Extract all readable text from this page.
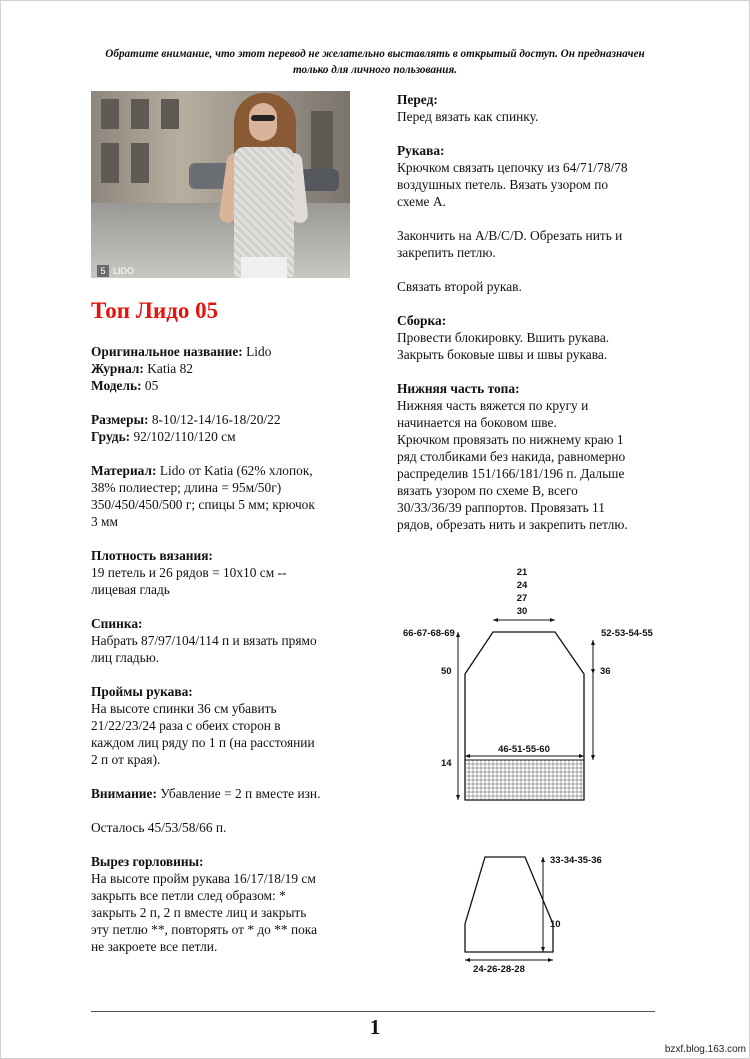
Обратите внимание, что этот перевод не желательно выставлять в открытый доступ. Он предназначен только для личного пользования.
5 LIDO
Топ Лидо 05

Оригинальное название: Lido

Журнал: Katia 82

Модель: 05

Размеры: 8-10/12-14/16-18/20/22

Грудь: 92/102/110/120 см

Материал: Lido от Katia (62% хлопок,

38% полиестер; длина = 95м/50г)

350/450/450/500 г; спицы 5 мм; крючок

3 мм

Плотность вязания:

19 петель и 26 рядов = 10х10 см --

лицевая гладь

Спинка:

Набрать 87/97/104/114 п и вязать прямо

лиц гладью.

Проймы рукава:

На высоте спинки 36 см убавить

21/22/23/24 раза с обеих сторон в

каждом лиц ряду по 1 п (на расстоянии

2 п от края).

Внимание: Убавление = 2 п вместе изн.

Осталось 45/53/58/66 п.

Вырез горловины:

На высоте пройм рукава 16/17/18/19 см

закрыть все петли след образом: *

закрыть 2 п, 2 п вместе лиц и закрыть

эту петлю **, повторять от * до ** пока

не закроете все петли.

Перед:

Перед вязать как спинку.

Рукава:

Крючком связать цепочку из 64/71/78/78

воздушных петель. Вязать узором по

схеме А.

Закончить на A/B/C/D. Обрезать нить и

закрепить петлю.

Связать второй рукав.

Сборка:

Провести блокировку. Вшить рукава.

Закрыть боковые швы и швы рукава.

Нижняя часть топа:

Нижняя часть вяжется по кругу и

начинается на боковом шве.

Крючком провязать по нижнему краю 1

ряд столбиками без накида, равномерно

распределив 151/166/181/196 п. Дальше

вязать узором по схеме B, всего

30/33/36/39 раппортов. Провязать 11

рядов, обрезать нить и закрепить петлю.

21
24
27
30
66-67-68-69	52-53-54-55
50	36
46-51-55-60
14
33-34-35-36
10
24-26-28-28
1
bzxf.blog.163.com
